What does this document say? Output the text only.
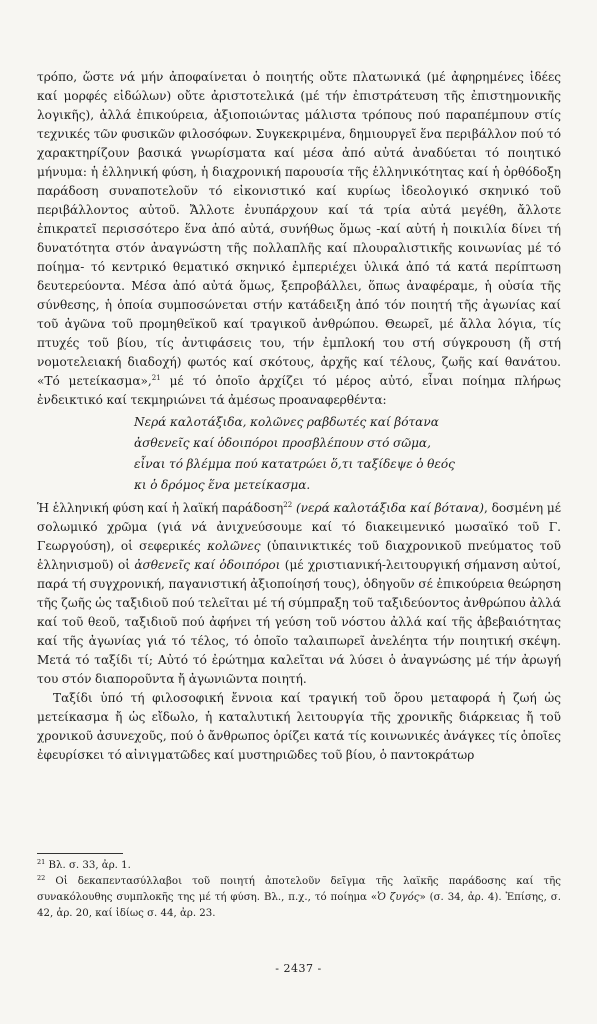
τρόπο, ὥστε νά μήν ἀποφαίνεται ὁ ποιητής οὔτε πλατωνικά (μέ ἀφηρημένες ἰδέες καί μορφές εἰδώλων) οὔτε ἀριστοτελικά (μέ τήν ἐπιστράτευση τῆς ἐπιστημονικῆς λογικῆς), ἀλλά ἐπικούρεια, ἀξιοποιώντας μάλιστα τρόπους πού παραπέμπουν στίς τεχνικές τῶν φυσικῶν φιλοσόφων. Συγκεκριμένα, δημιουργεῖ ἕνα περιβάλλον πού τό χαρακτηρίζουν βασικά γνωρίσματα καί μέσα ἀπό αὐτά ἀναδύεται τό ποιητικό μήνυμα: ἡ ἑλληνική φύση, ἡ διαχρονική παρουσία τῆς ἑλληνικότητας καί ἡ ὀρθόδοξη παράδοση συναποτελοῦν τό εἰκονιστικό καί κυρίως ἰδεολογικό σκηνικό τοῦ περιβάλλοντος αὐτοῦ. Ἄλλοτε ἐνυπάρχουν καί τά τρία αὐτά μεγέθη, ἄλλοτε ἐπικρατεῖ περισσότερο ἕνα ἀπό αὐτά, συνήθως ὅμως -καί αὐτή ἡ ποικιλία δίνει τή δυνατότητα στόν ἀναγνώστη τῆς πολλαπλῆς καί πλουραλιστικῆς κοινωνίας μέ τό ποίημα- τό κεντρικό θεματικό σκηνικό ἐμπεριέχει ὑλικά ἀπό τά κατά περίπτωση δευτερεύοντα. Μέσα ἀπό αὐτά ὅμως, ξεπροβάλλει, ὅπως ἀναφέραμε, ἡ οὐσία τῆς σύνθεσης, ἡ ὁποία συμποσώνεται στήν κατάδειξη ἀπό τόν ποιητή τῆς ἀγωνίας καί τοῦ ἀγῶνα τοῦ προμηθεϊκοῦ καί τραγικοῦ ἀνθρώπου. Θεωρεῖ, μέ ἄλλα λόγια, τίς πτυχές τοῦ βίου, τίς ἀντιφάσεις του, τήν ἐμπλοκή του στή σύγκρουση (ἤ στή νομοτελειακή διαδοχή) φωτός καί σκότους, ἀρχῆς καί τέλους, ζωῆς καί θανάτου. «Τό μετείκασμα»,$^{21}$ μέ τό ὁποῖο ἀρχίζει τό μέρος αὐτό, εἶναι ποίημα πλήρως ἐνδεικτικό καί τεκμηριώνει τά ἀμέσως προαναφερθέντα:

Νερά καλοτάξιδα, κολῶνες ραβδωτές καί βότανα
ἀσθενεῖς καί ὁδοιπόροι προσβλέπουν στό σῶμα,
εἶναι τό βλέμμα πού κατατρώει ὅ,τι ταξίδεψε ὁ θεός
κι ὁ δρόμος ἕνα μετείκασμα.

Ἡ ἑλληνική φύση καί ἡ λαϊκή παράδοση$^{22}$ (νερά καλοτάξιδα καί βότανα), δοσμένη μέ σολωμικό χρῶμα (γιά νά ἀνιχνεύσουμε καί τό διακειμενικό μωσαϊκό τοῦ Γ. Γεωργούση), οἱ σεφερικές κολῶνες (ὑπαινικτικές τοῦ διαχρονικοῦ πνεύματος τοῦ ἑλληνισμοῦ) οἱ ἀσθενεῖς καί ὁδοιπόροι (μέ χριστιανική-λειτουργική σήμανση αὐτοί, παρά τή συγχρονική, παγανιστική ἀξιοποίησή τους), ὁδηγοῦν σέ ἐπικούρεια θεώρηση τῆς ζωῆς ὡς ταξιδιοῦ πού τελεῖται μέ τή σύμπραξη τοῦ ταξιδεύοντος ἀνθρώπου ἀλλά καί τοῦ θεοῦ, ταξιδιοῦ πού ἀφήνει τή γεύση τοῦ νόστου ἀλλά καί τῆς ἀβεβαιότητας καί τῆς ἀγωνίας γιά τό τέλος, τό ὁποῖο ταλαιπωρεῖ ἀνελέητα τήν ποιητική σκέψη. Μετά τό ταξίδι τί; Αὐτό τό ἐρώτημα καλεῖται νά λύσει ὁ ἀναγνώσης μέ τήν ἀρωγή του στόν διαπορoῦντα ἤ ἀγωνιῶντα ποιητή.

Ταξίδι ὑπό τή φιλοσοφική ἔννοια καί τραγική τοῦ ὅρου μεταφορά ἡ ζωή ὡς μετείκασμα ἤ ὡς εἴδωλο, ἡ καταλυτική λειτουργία τῆς χρονικῆς διάρκειας ἤ τοῦ χρονικοῦ ἀσυνεχοῦς, πού ὁ ἄνθρωπος ὁρίζει κατά τίς κοινωνικές ἀνάγκες τίς ὁποῖες ἐφευρίσκει τό αἰνιγματῶδες καί μυστηριῶδες τοῦ βίου, ὁ παντοκράτωρ

$^{21}$ Βλ. σ. 33, ἀρ. 1.

$^{22}$ Οἱ δεκαπεντασύλλαβοι τοῦ ποιητή ἀποτελοῦν δεῖγμα τῆς λαϊκῆς παράδοσης καί τῆς συνακόλουθης συμπλοκῆς της μέ τή φύση. Βλ., π.χ., τό ποίημα «Ὁ ζυγός» (σ. 34, ἀρ. 4). Ἐπίσης, σ. 42, ἀρ. 20, καί ἰδίως σ. 44, ἀρ. 23.

- 2437 -
